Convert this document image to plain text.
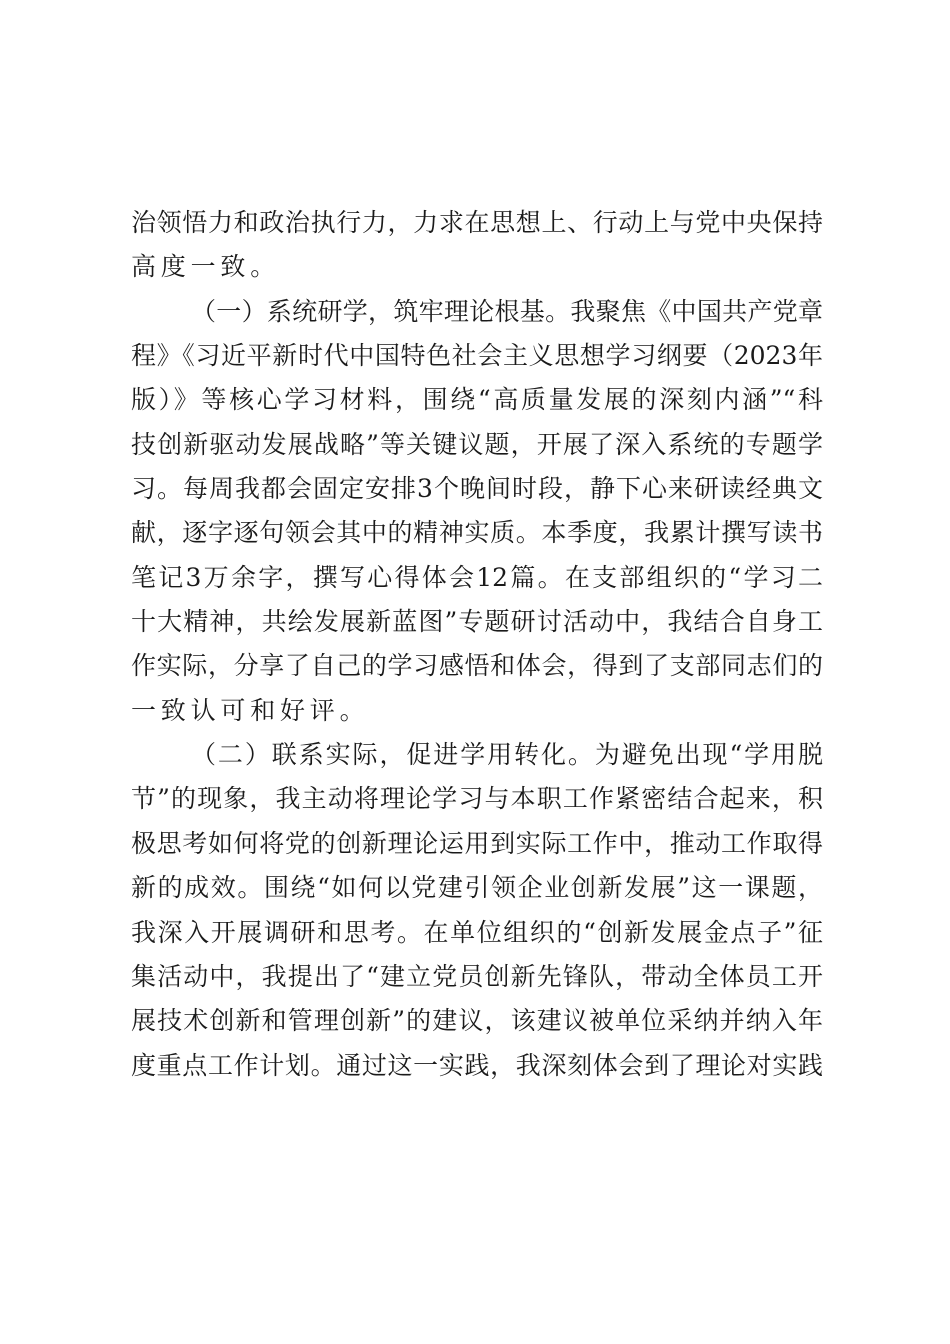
治领悟力和政治执行力，力求在思想上、行动上与党中央保持
高度一致。
（一）系统研学，筑牢理论根基。我聚焦《中国共产党章
程》《习近平新时代中国特色社会主义思想学习纲要（2023年
版）》等核心学习材料，围绕“高质量发展的深刻内涵”“科
技创新驱动发展战略”等关键议题，开展了深入系统的专题学
习。每周我都会固定安排3个晚间时段，静下心来研读经典文
献，逐字逐句领会其中的精神实质。本季度，我累计撰写读书
笔记3万余字，撰写心得体会12篇。在支部组织的“学习二
十大精神，共绘发展新蓝图”专题研讨活动中，我结合自身工
作实际，分享了自己的学习感悟和体会，得到了支部同志们的
一致认可和好评。
（二）联系实际，促进学用转化。为避免出现“学用脱
节”的现象，我主动将理论学习与本职工作紧密结合起来，积
极思考如何将党的创新理论运用到实际工作中，推动工作取得
新的成效。围绕“如何以党建引领企业创新发展”这一课题，
我深入开展调研和思考。在单位组织的“创新发展金点子”征
集活动中，我提出了“建立党员创新先锋队，带动全体员工开
展技术创新和管理创新”的建议，该建议被单位采纳并纳入年
度重点工作计划。通过这一实践，我深刻体会到了理论对实践
